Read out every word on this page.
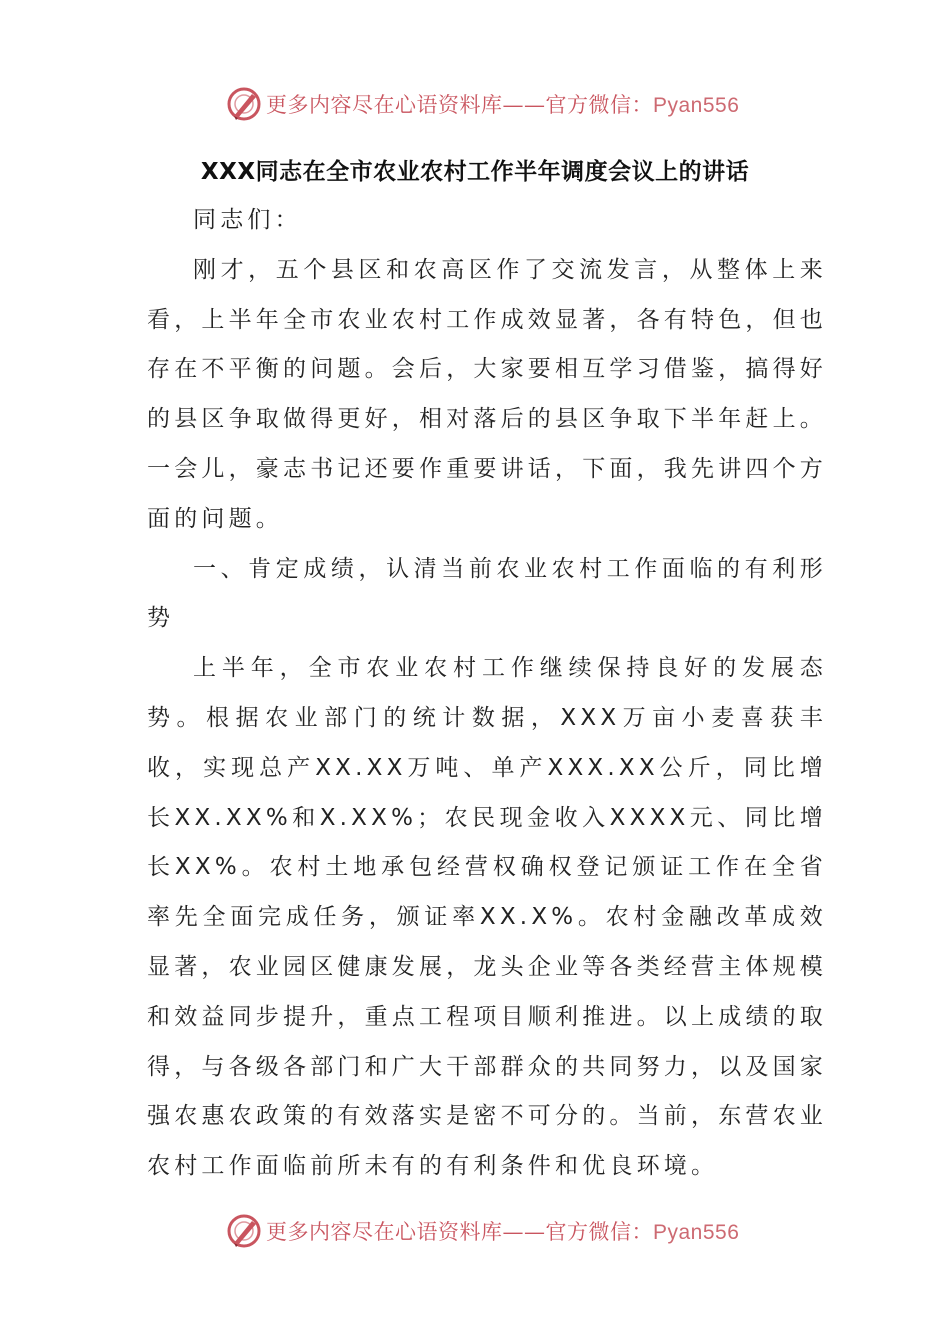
更多内容尽在心语资料库——官方微信：Pyan556
XXX同志在全市农业农村工作半年调度会议上的讲话

同志们：

刚才，五个县区和农高区作了交流发言，从整体上来看，上半年全市农业农村工作成效显著，各有特色，但也存在不平衡的问题。会后，大家要相互学习借鉴，搞得好的县区争取做得更好，相对落后的县区争取下半年赶上。一会儿，豪志书记还要作重要讲话，下面，我先讲四个方面的问题。

一、肯定成绩，认清当前农业农村工作面临的有利形势

上半年，全市农业农村工作继续保持良好的发展态势。根据农业部门的统计数据，XXX万亩小麦喜获丰收，实现总产XX.XX万吨、单产XXX.XX公斤，同比增长XX.XX%和X.XX%；农民现金收入XXXX元、同比增长XX%。农村土地承包经营权确权登记颁证工作在全省率先全面完成任务，颁证率XX.X%。农村金融改革成效显著，农业园区健康发展，龙头企业等各类经营主体规模和效益同步提升，重点工程项目顺利推进。以上成绩的取得，与各级各部门和广大干部群众的共同努力，以及国家强农惠农政策的有效落实是密不可分的。当前，东营农业农村工作面临前所未有的有利条件和优良环境。

更多内容尽在心语资料库——官方微信：Pyan556
